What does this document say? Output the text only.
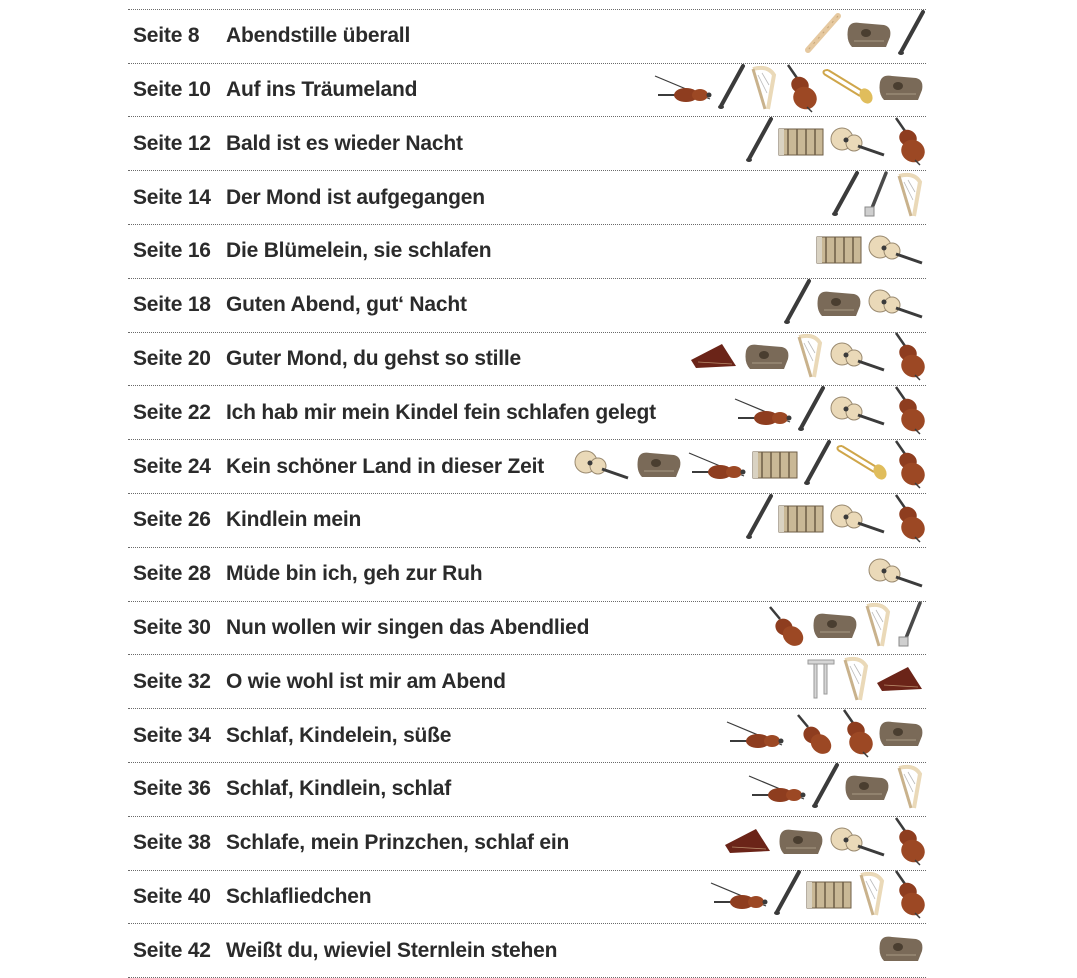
Seite 8 Abendstille überall
Seite 10 Auf ins Träumeland
Seite 12 Bald ist es wieder Nacht
Seite 14 Der Mond ist aufgegangen
Seite 16 Die Blümelein, sie schlafen
Seite 18 Guten Abend, gut‘ Nacht
Seite 20 Guter Mond, du gehst so stille
Seite 22 Ich hab mir mein Kindel fein schlafen gelegt
Seite 24 Kein schöner Land in dieser Zeit
Seite 26 Kindlein mein
Seite 28 Müde bin ich, geh zur Ruh
Seite 30 Nun wollen wir singen das Abendlied
Seite 32 O wie wohl ist mir am Abend
Seite 34 Schlaf, Kindelein, süße
Seite 36 Schlaf, Kindlein, schlaf
Seite 38 Schlafe, mein Prinzchen, schlaf ein
Seite 40 Schlafliedchen
Seite 42 Weißt du, wieviel Sternlein stehen
